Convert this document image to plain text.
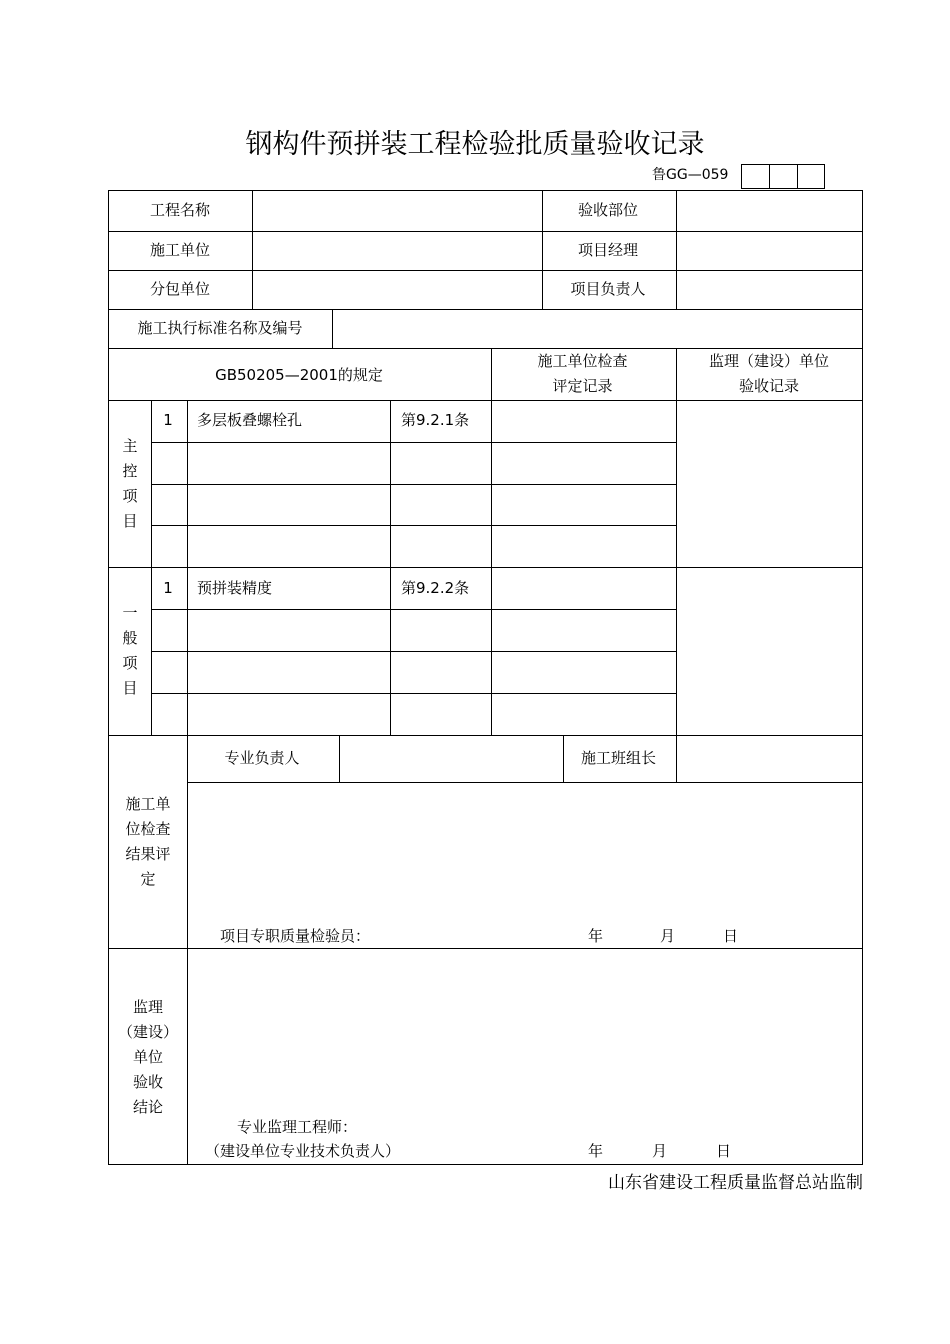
钢构件预拼装工程检验批质量验收记录
鲁GG—059
工程名称	验收部位
施工单位	项目经理
分包单位	项目负责人
施工执行标准名称及编号
GB50205—2001的规定
施工单位检查
评定记录
监理（建设）单位
验收记录
主
控
项
目
1	多层板叠螺栓孔	第9.2.1条
一
般
项
目
1	预拼装精度	第9.2.2条
专业负责人	施工班组长
施工单
位检查
结果评
定
项目专职质量检验员：	年	月	日
监理
（建设）
单位
验收
结论
专业监理工程师：
（建设单位专业技术负责人）	年	月	日
山东省建设工程质量监督总站监制
